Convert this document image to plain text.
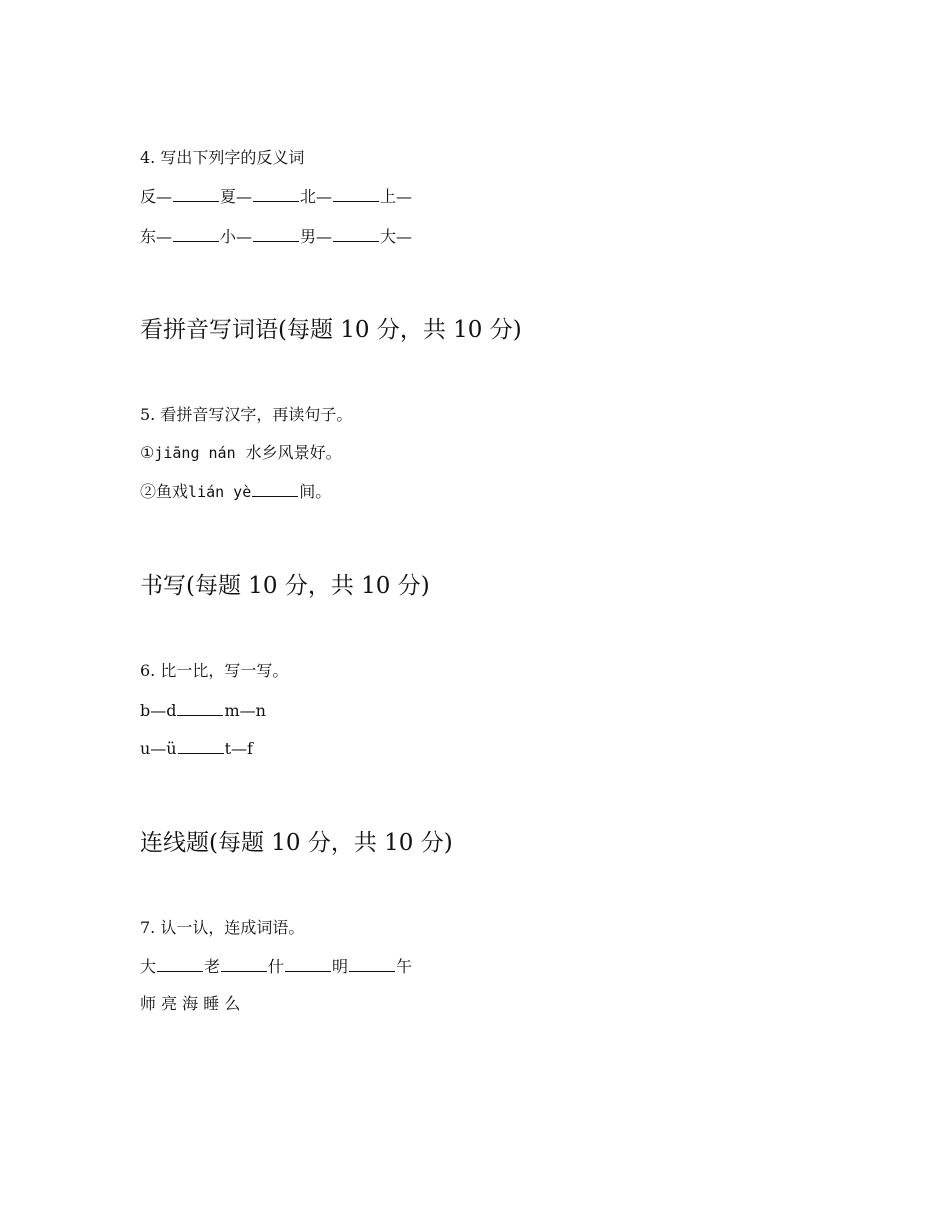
4. 写出下列字的反义词
反—	夏—	北—	上—
东—	小—	男—	大—
看拼音写词语(每题 10 分，共 10 分)
5. 看拼音写汉字，再读句子。
①jiāng nán 水乡风景好。
②鱼戏lián yè	间。
书写(每题 10 分，共 10 分)
6. 比一比，写一写。
b—d	m—n
u—ü	t—f
连线题(每题 10 分，共 10 分)
7. 认一认，连成词语。
大	老	什	明	午
师 亮 海 睡 么
